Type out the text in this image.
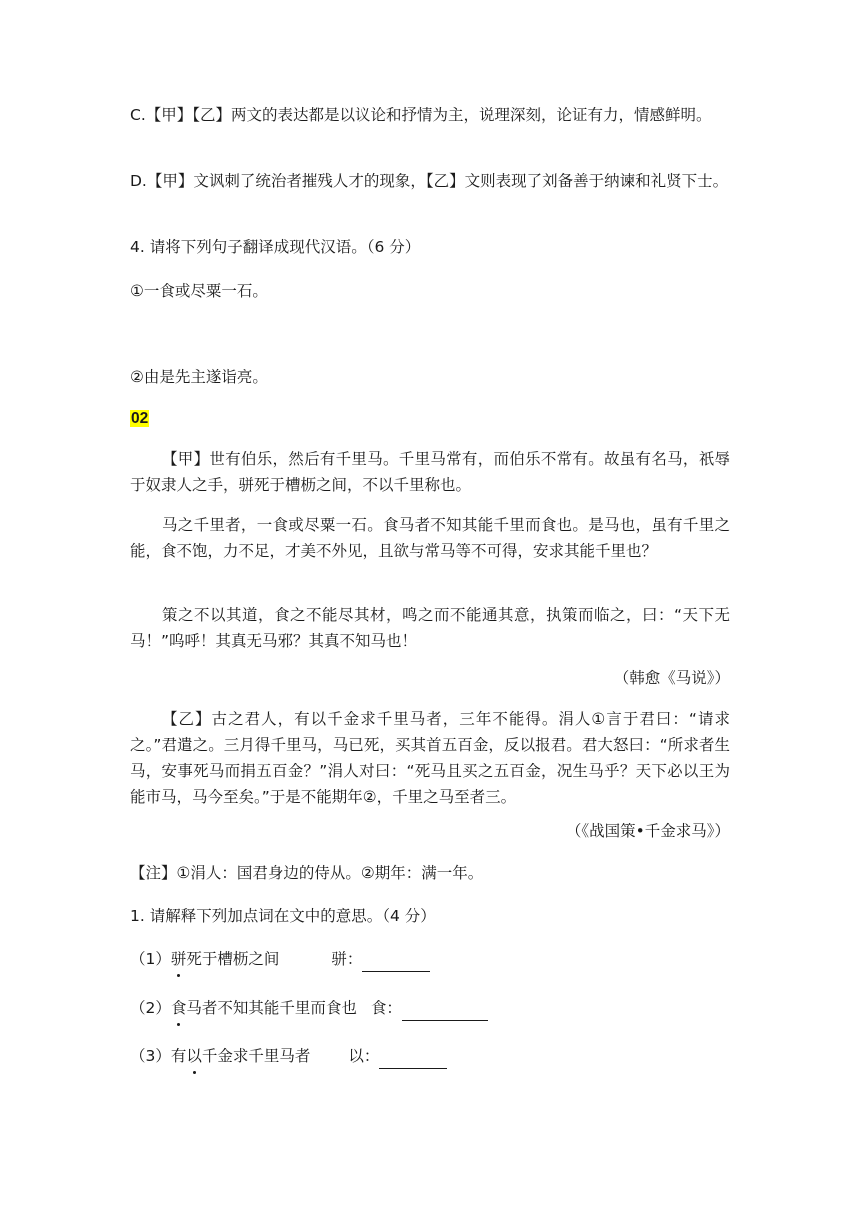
C.【甲】【乙】两文的表达都是以议论和抒情为主，说理深刻，论证有力，情感鲜明。

D.【甲】文讽刺了统治者摧残人才的现象，【乙】文则表现了刘备善于纳谏和礼贤下士。

4. 请将下列句子翻译成现代汉语。（6 分）

①一食或尽粟一石。

②由是先主遂诣亮。

02

【甲】世有伯乐，然后有千里马。千里马常有，而伯乐不常有。故虽有名马，祇辱于奴隶人之手，骈死于槽枥之间，不以千里称也。

马之千里者，一食或尽粟一石。食马者不知其能千里而食也。是马也，虽有千里之能，食不饱，力不足，才美不外见，且欲与常马等不可得，安求其能千里也？

策之不以其道，食之不能尽其材，鸣之而不能通其意，执策而临之，曰：“天下无马！”呜呼！其真无马邪？其真不知马也！

（韩愈《马说》）

【乙】古之君人，有以千金求千里马者，三年不能得。涓人①言于君曰：“请求之。”君遣之。三月得千里马，马已死，买其首五百金，反以报君。君大怒曰：“所求者生马，安事死马而捐五百金？”涓人对曰：“死马且买之五百金，况生马乎？天下必以王为能市马，马今至矣。”于是不能期年②，千里之马至者三。

（《战国策•千金求马》）

【注】①涓人：国君身边的侍从。②期年：满一年。

1. 请解释下列加点词在文中的意思。（4 分）

（1）骈死于槽枥之间	骈：

（2）食马者不知其能千里而食也 食：

（3）有以千金求千里马者 以：
